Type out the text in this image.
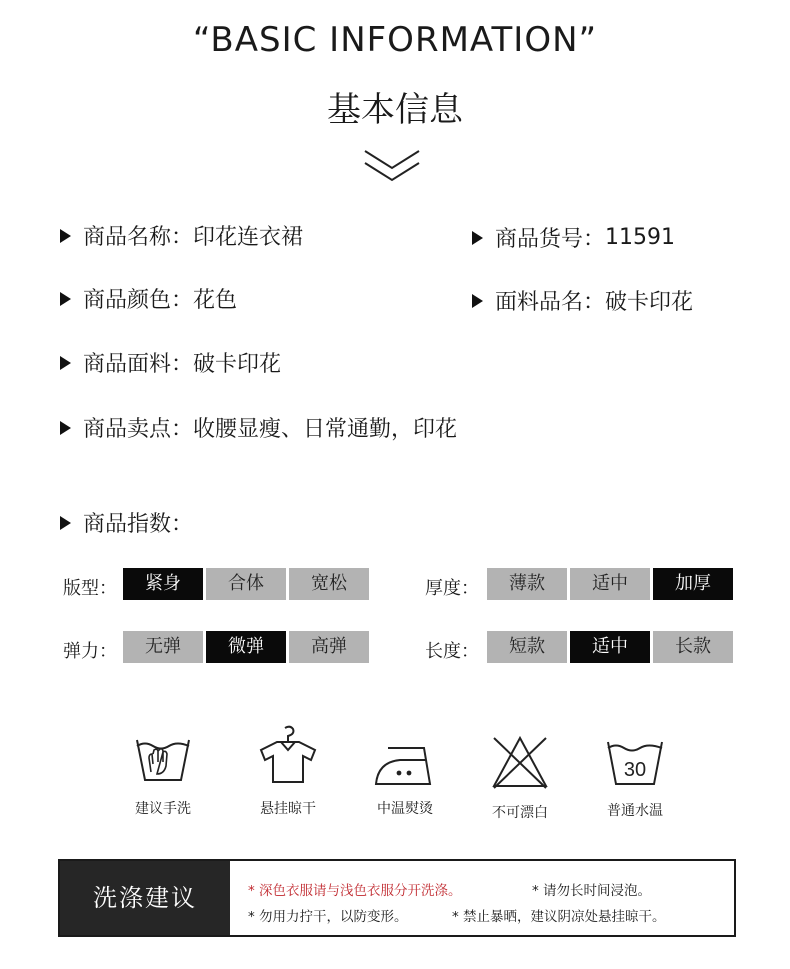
“BASIC INFORMATION”
基本信息
商品名称： 印花连衣裙	商品货号： 11591
商品颜色： 花色	面料品名： 破卡印花
商品面料： 破卡印花
商品卖点： 收腰显瘦、日常通勤，印花
商品指数：
版型：	紧身	合体	宽松	厚度：	薄款	适中	加厚
弹力：	无弹	微弹	高弹	长度：	短款	适中	长款
建议手洗	悬挂晾干	中温熨烫	不可漂白
30
普通水温
洗涤建议	* 深色衣服请与浅色衣服分开洗涤。	* 请勿长时间浸泡。
* 勿用力拧干，以防变形。	* 禁止暴晒，建议阴凉处悬挂晾干。
